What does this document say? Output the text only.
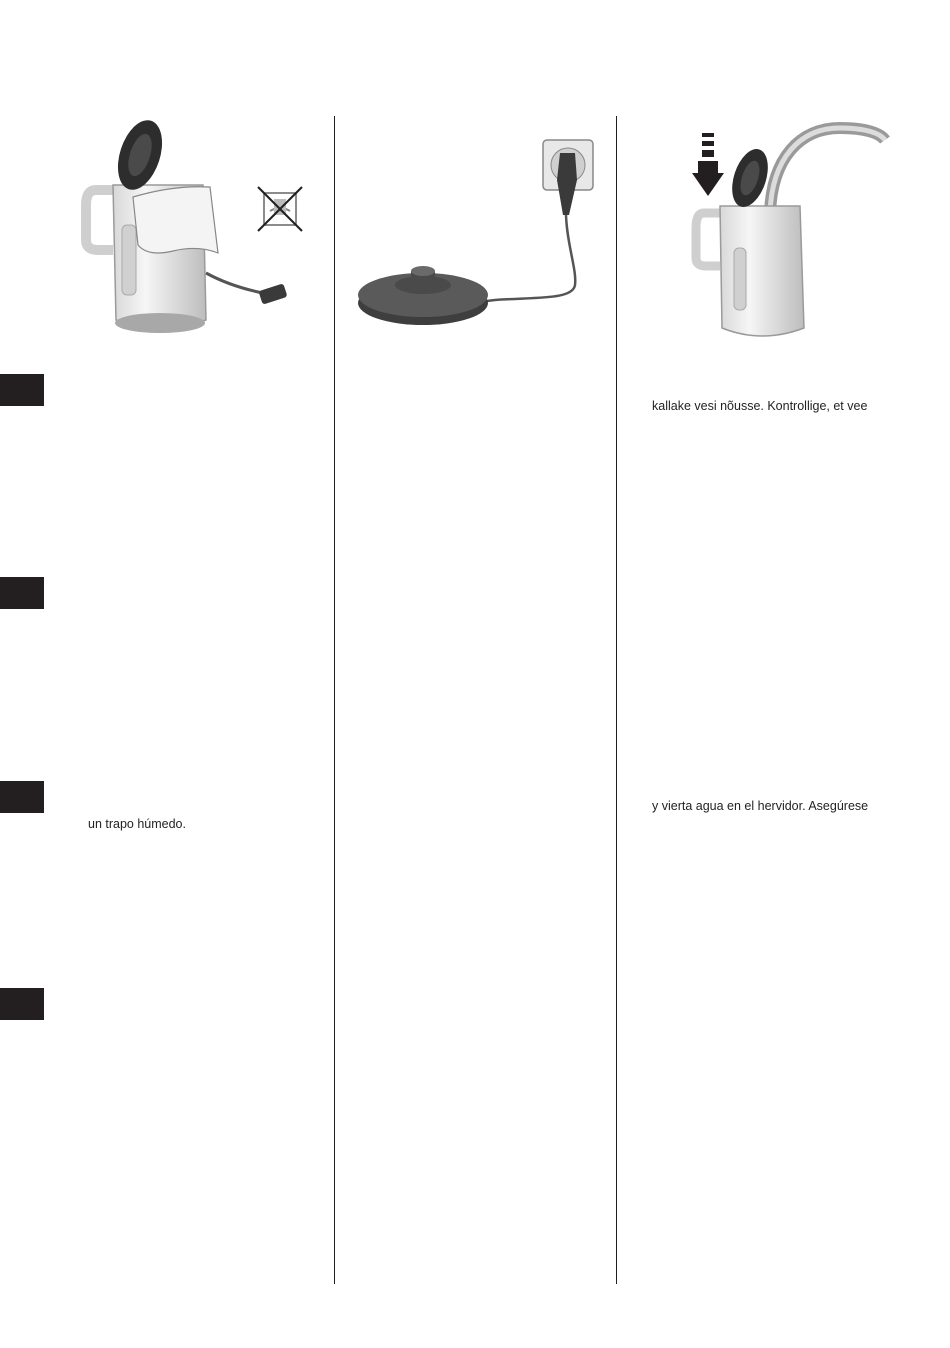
un trapo húmedo.
kallake vesi nõusse. Kontrollige, et vee
y vierta agua en el hervidor. Asegúrese
